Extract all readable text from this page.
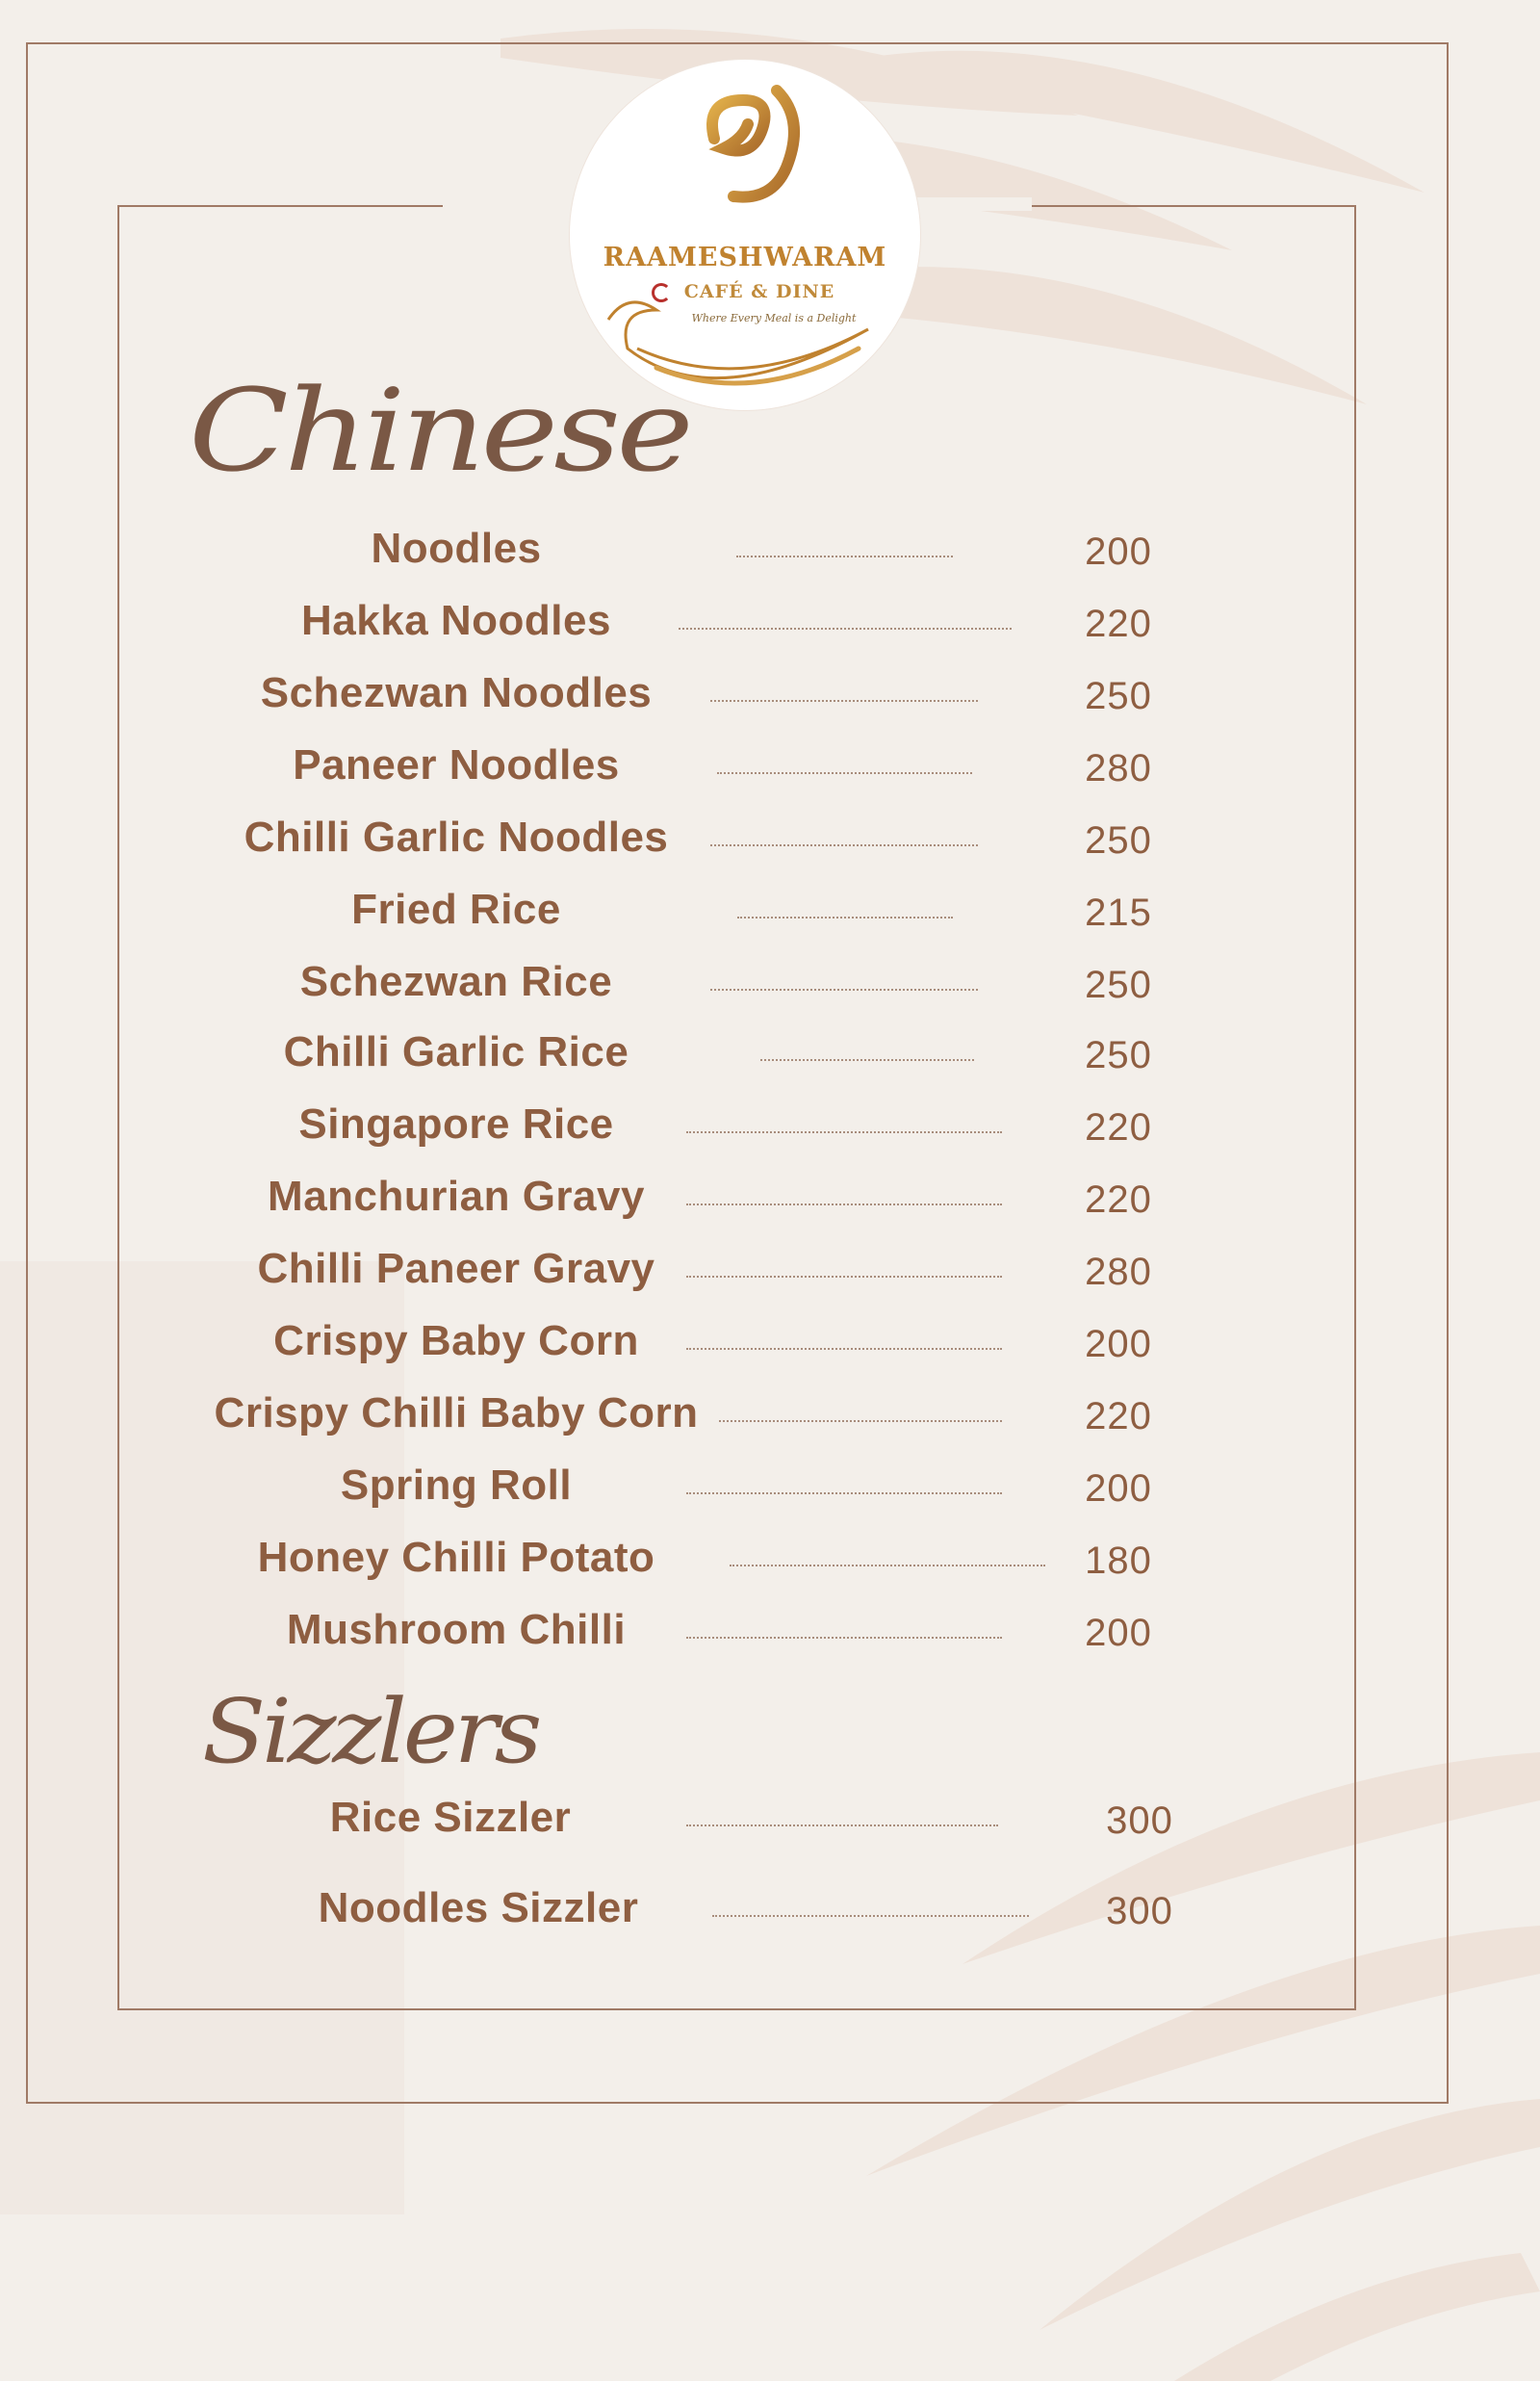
RAAMESHWARAM
CAFÉ & DINE
Where Every Meal is a Delight
Chinese
Sizzlers
Noodles	200
Hakka Noodles	220
Schezwan Noodles	250
Paneer Noodles	280
Chilli Garlic Noodles	250
Fried Rice	215
Schezwan Rice	250
Chilli Garlic Rice	250
Singapore Rice	220
Manchurian Gravy	220
Chilli Paneer Gravy	280
Crispy Baby Corn	200
Crispy Chilli Baby Corn	220
Spring Roll	200
Honey Chilli Potato	180
Mushroom Chilli	200
Rice Sizzler	300
Noodles Sizzler	300
